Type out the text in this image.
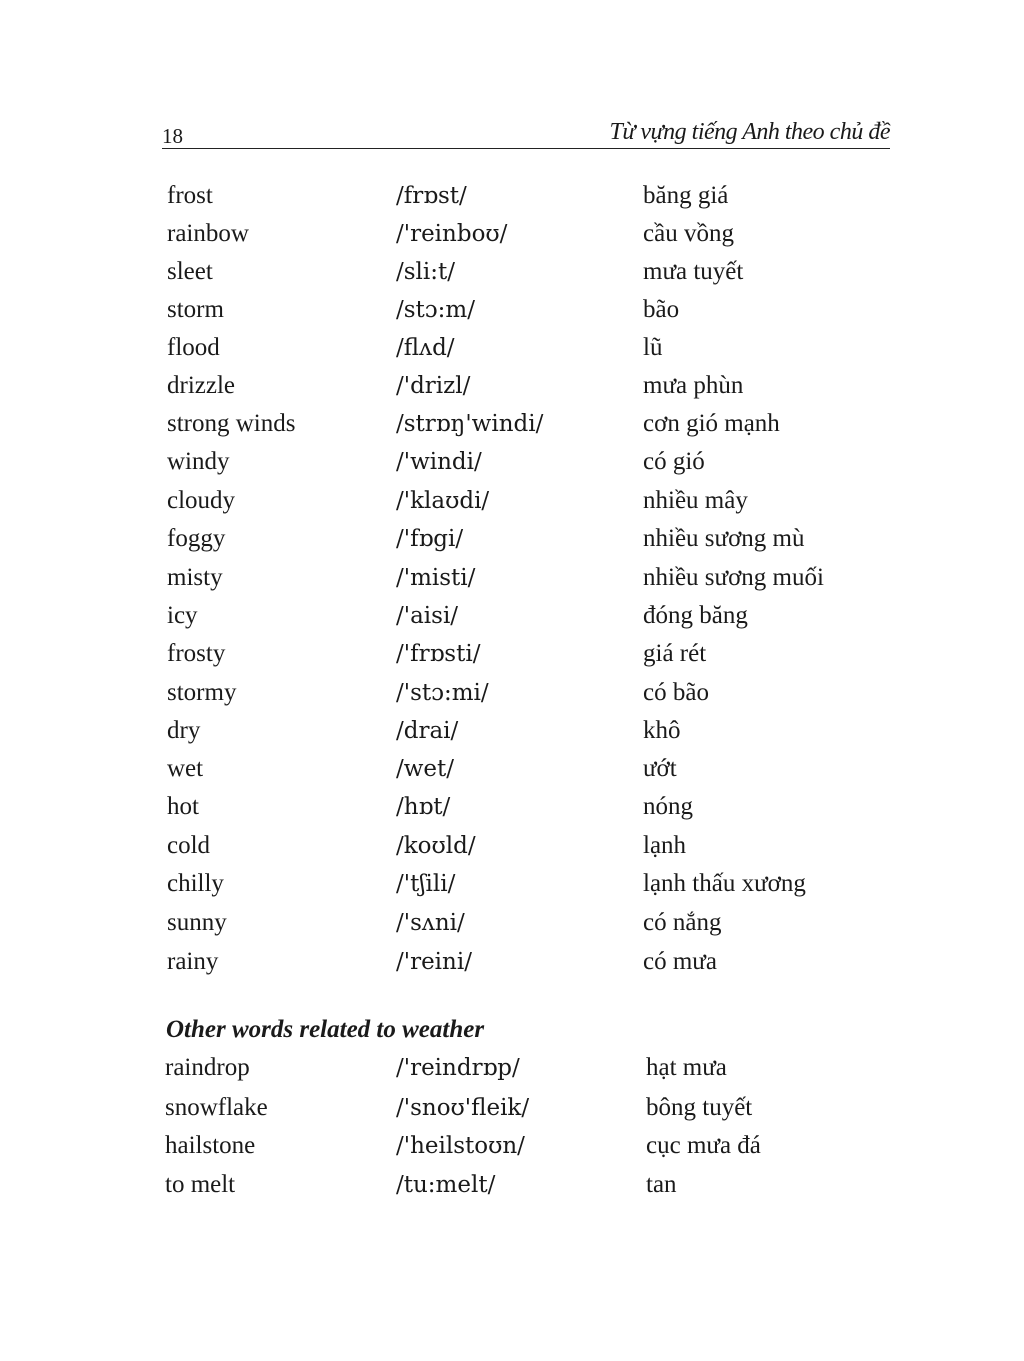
18	Từ vựng tiếng Anh theo chủ đề
frost	/frɒst/	băng giá
rainbow	/'reinboʊ/	cầu vồng
sleet	/sli:t/	mưa tuyết
storm	/stɔ:m/	bão
flood	/flʌd/	lũ
drizzle	/'drizl/	mưa phùn
strong winds	/strɒŋ'windi/	cơn gió mạnh
windy	/'windi/	có gió
cloudy	/'klaʊdi/	nhiều mây
foggy	/'fɒgi/	nhiều sương mù
misty	/'misti/	nhiều sương muối
icy	/'aisi/	đóng băng
frosty	/'frɒsti/	giá rét
stormy	/'stɔ:mi/	có bão
dry	/drai/	khô
wet	/wet/	ướt
hot	/hɒt/	nóng
cold	/koʊld/	lạnh
chilly	/'tʃili/	lạnh thấu xương
sunny	/'sʌni/	có nắng
rainy	/'reini/	có mưa
Other words related to weather
raindrop	/'reindrɒp/	hạt mưa
snowflake	/'snoʊ'fleik/	bông tuyết
hailstone	/'heilstoʊn/	cục mưa đá
to melt	/tu:melt/	tan
